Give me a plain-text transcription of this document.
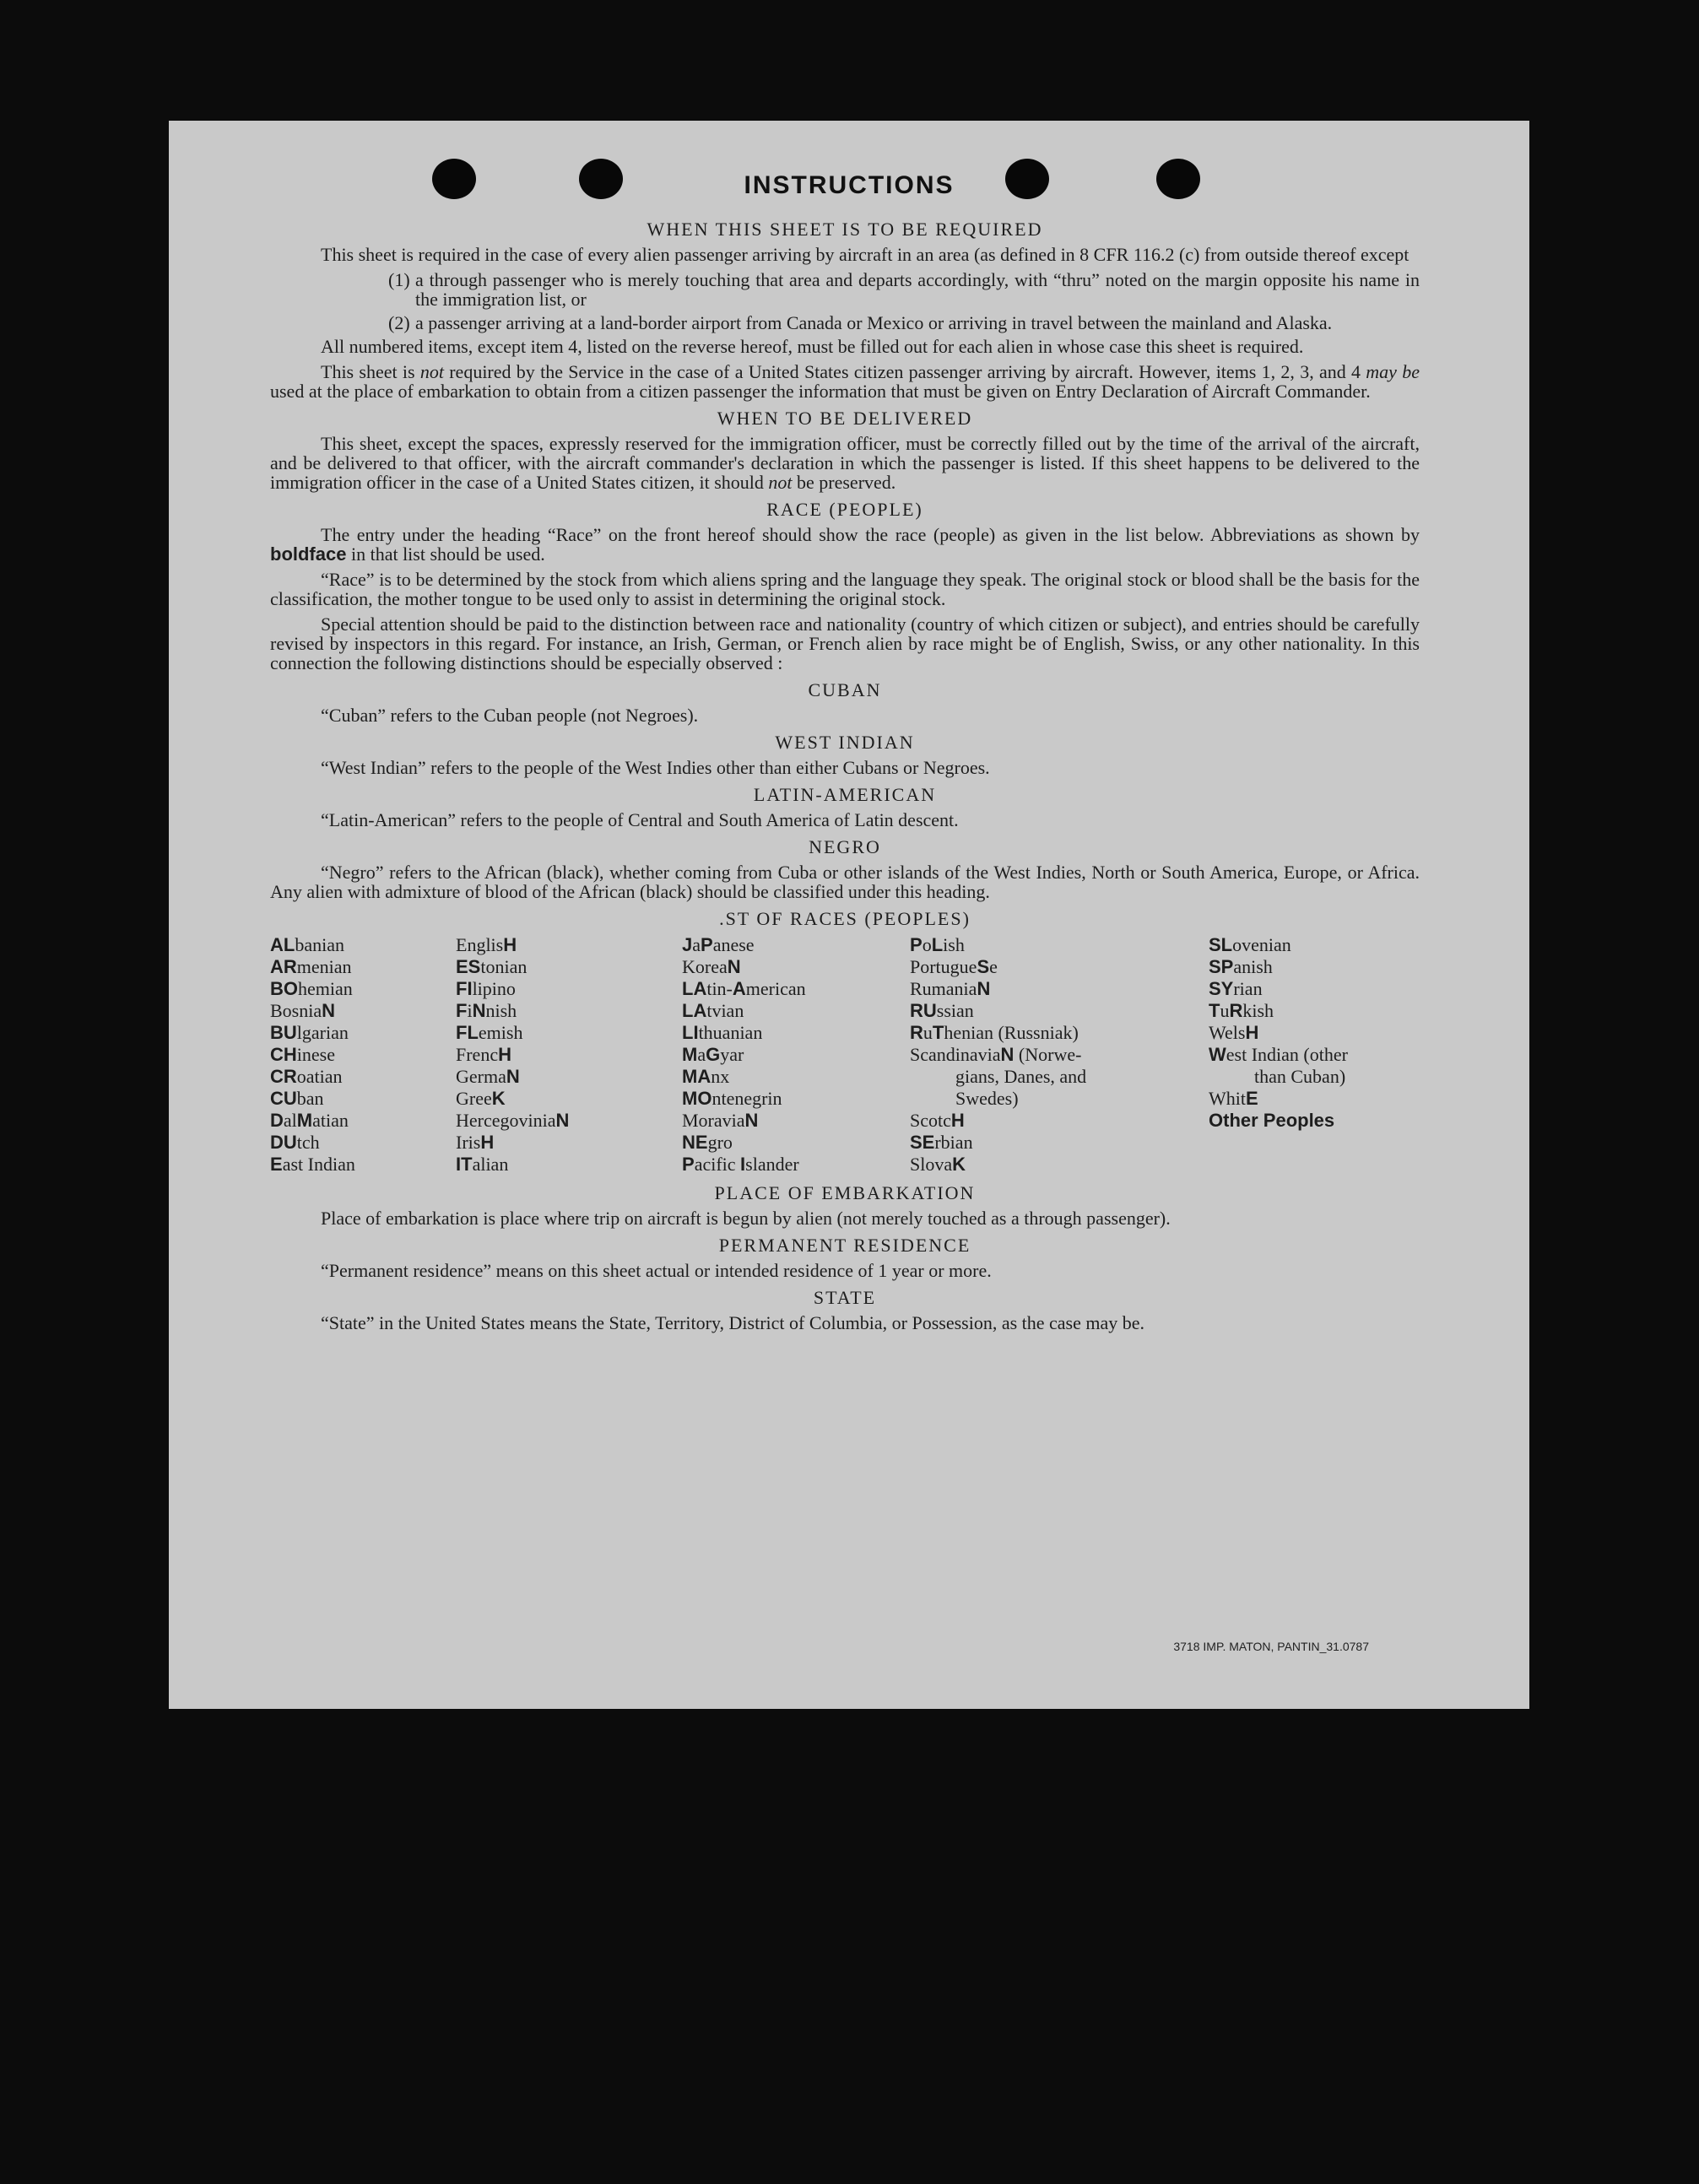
INSTRUCTIONS
WHEN THIS SHEET IS TO BE REQUIRED

This sheet is required in the case of every alien passenger arriving by aircraft in an area (as defined in 8 CFR 116.2 (c) from outside thereof except

(1) a through passenger who is merely touching that area and departs accordingly, with “thru” noted on the margin opposite his name in the immigration list, or
(2) a passenger arriving at a land-border airport from Canada or Mexico or arriving in travel between the mainland and Alaska.

All numbered items, except item 4, listed on the reverse hereof, must be filled out for each alien in whose case this sheet is required.

This sheet is not required by the Service in the case of a United States citizen passenger arriving by aircraft. However, items 1, 2, 3, and 4 may be used at the place of embarkation to obtain from a citizen passenger the information that must be given on Entry Declaration of Aircraft Commander.

WHEN TO BE DELIVERED

This sheet, except the spaces, expressly reserved for the immigration officer, must be correctly filled out by the time of the arrival of the aircraft, and be delivered to that officer, with the aircraft commander's declaration in which the passenger is listed. If this sheet happens to be delivered to the immigration officer in the case of a United States citizen, it should not be preserved.

RACE (PEOPLE)

The entry under the heading “Race” on the front hereof should show the race (people) as given in the list below. Abbreviations as shown by boldface in that list should be used.

“Race” is to be determined by the stock from which aliens spring and the language they speak. The original stock or blood shall be the basis for the classification, the mother tongue to be used only to assist in determining the original stock.

Special attention should be paid to the distinction between race and nationality (country of which citizen or subject), and entries should be carefully revised by inspectors in this regard. For instance, an Irish, German, or French alien by race might be of English, Swiss, or any other nationality. In this connection the following distinctions should be especially observed :

CUBAN

“Cuban” refers to the Cuban people (not Negroes).

WEST INDIAN

“West Indian” refers to the people of the West Indies other than either Cubans or Negroes.

LATIN-AMERICAN

“Latin-American” refers to the people of Central and South America of Latin descent.

NEGRO

“Negro” refers to the African (black), whether coming from Cuba or other islands of the West Indies, North or South America, Europe, or Africa. Any alien with admixture of blood of the African (black) should be classified under this heading.

.ST OF RACES (PEOPLES)
ALbanian
ARmenian
BOhemian
BosniaN
BUlgarian
CHinese
CRoatian
CUban
DalMatian
DUtch
East Indian
EnglisH
EStonian
FIlipino
FiNnish
FLemish
FrencH
GermaN
GreeK
HercegoviniaN
IrisH
ITalian
JaPanese
KoreaN
LAtin-American
LAtvian
LIthuanian
MaGyar
MAnx
MOntenegrin
MoraviaN
NEgro
Pacific Islander
PoLish
PortugueSe
RumaniaN
RUssian
RuThenian (Russniak)
ScandinaviaN (Norwe-
gians, Danes, and
Swedes)
ScotcH
SErbian
SlovaK
SLovenian
SPanish
SYrian
TuRkish
WelsH
West Indian (other
than Cuban)
WhitE
Other Peoples
PLACE OF EMBARKATION

Place of embarkation is place where trip on aircraft is begun by alien (not merely touched as a through passenger).

PERMANENT RESIDENCE

“Permanent residence” means on this sheet actual or intended residence of 1 year or more.

STATE

“State” in the United States means the State, Territory, District of Columbia, or Possession, as the case may be.

3718 IMP. MATON, PANTIN_31.0787
